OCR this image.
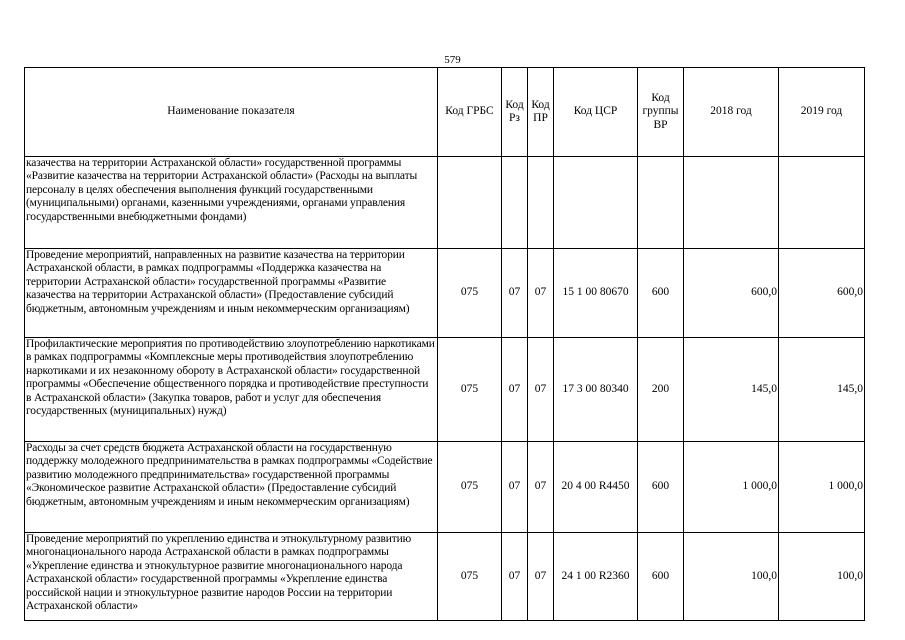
579
Наименование показателя	Код ГРБС	Код Рз	Код ПР	Код ЦСР	Код группы ВР	2018 год	2019 год
казачества на территории Астраханской области» государственной программы «Развитие казачества на территории Астраханской области» (Расходы на выплаты персоналу в целях обеспечения выполнения функций государственными (муниципальными) органами, казенными учреждениями, органами управления государственными внебюджетными фондами)							
Проведение мероприятий, направленных на развитие казачества на территории Астраханской области, в рамках подпрограммы «Поддержка казачества на территории Астраханской области» государственной программы «Развитие казачества на территории Астраханской области» (Предоставление субсидий бюджетным, автономным учреждениям и иным некоммерческим организациям)	075	07	07	15 1 00 80670	600	600,0	600,0
Профилактические мероприятия по противодействию злоупотреблению наркотиками в рамках подпрограммы «Комплексные меры противодействия злоупотреблению наркотиками и их незаконному обороту в Астраханской области» государственной программы «Обеспечение общественного порядка и противодействие преступности в Астраханской области» (Закупка товаров, работ и услуг для обеспечения государственных (муниципальных) нужд)	075	07	07	17 3 00 80340	200	145,0	145,0
Расходы за счет средств бюджета Астраханской области на государственную поддержку молодежного предпринимательства в рамках подпрограммы «Содействие развитию молодежного предпринимательства» государственной программы «Экономическое развитие Астраханской области» (Предоставление субсидий бюджетным, автономным учреждениям и иным некоммерческим организациям)	075	07	07	20 4 00 R4450	600	1 000,0	1 000,0
Проведение мероприятий по укреплению единства и этнокультурному развитию многонационального народа Астраханской области в рамках подпрограммы «Укрепление единства и этнокультурное развитие многонационального народа Астраханской области» государственной программы «Укрепление единства российской нации и этнокультурное развитие народов России на территории Астраханской области»	075	07	07	24 1 00 R2360	600	100,0	100,0
